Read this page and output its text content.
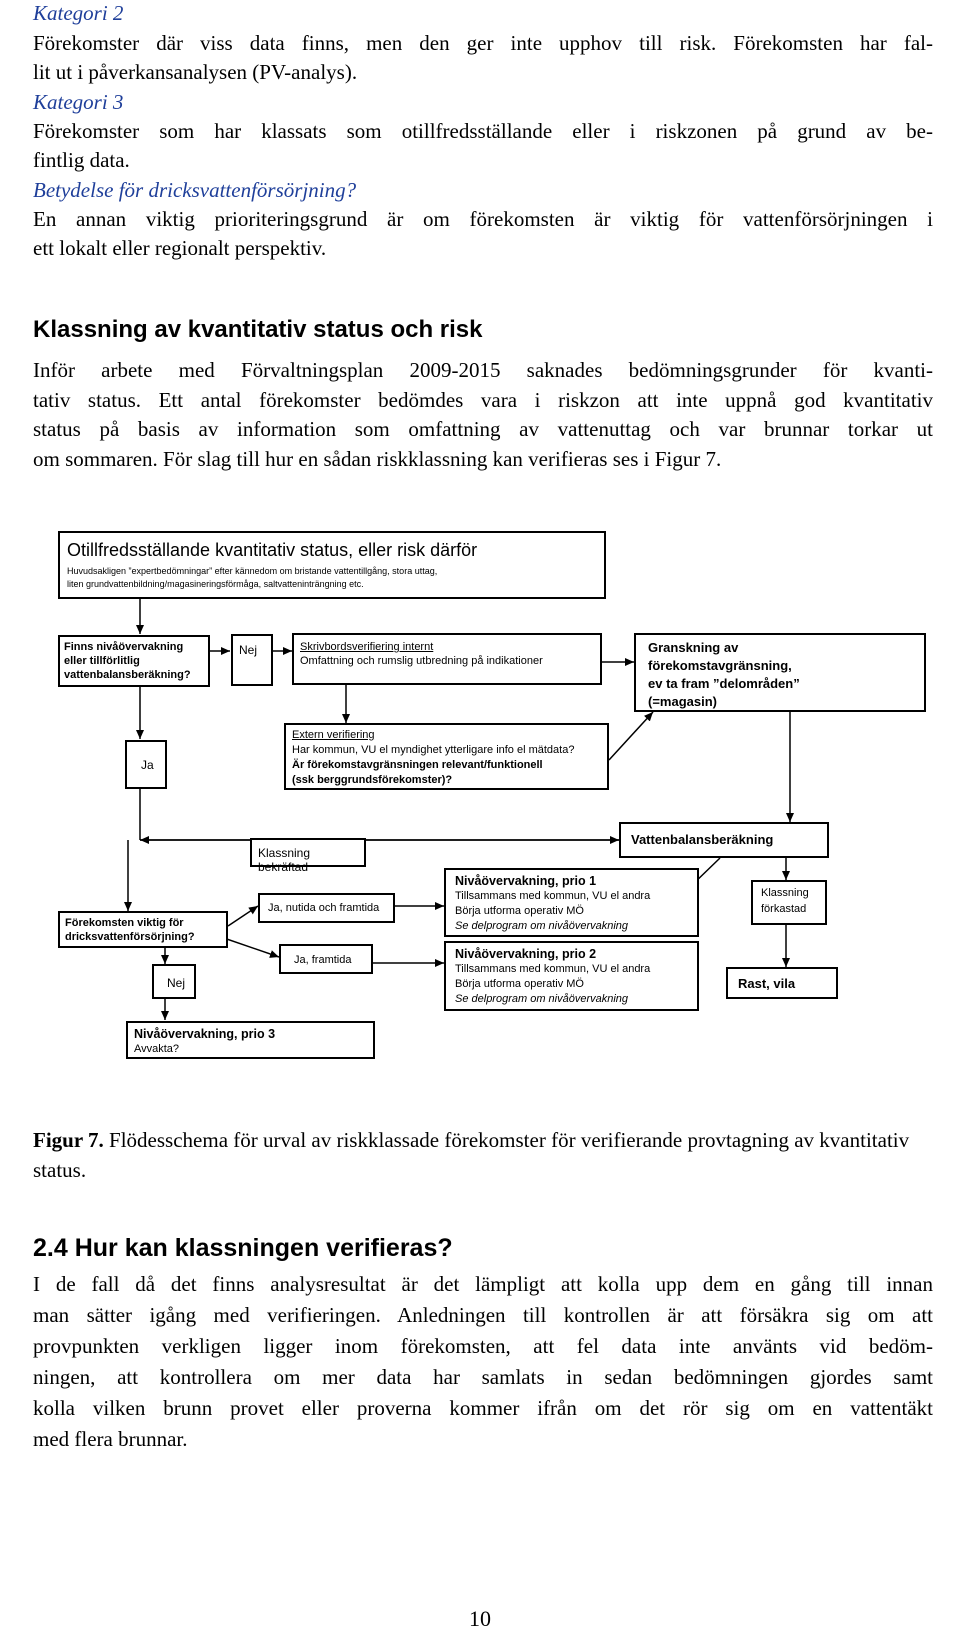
Kategori 2
Förekomster där viss data finns, men den ger inte upphov till risk. Förekomsten har fal-
lit ut i påverkansanalysen (PV-analys).
Kategori 3
Förekomster som har klassats som otillfredsställande eller i riskzonen på grund av be-
fintlig data.
Betydelse för dricksvattenförsörjning?
En annan viktig prioriteringsgrund är om förekomsten är viktig för vattenförsörjningen i
ett lokalt eller regionalt perspektiv.
Klassning av kvantitativ status och risk
Inför arbete med Förvaltningsplan 2009-2015 saknades bedömningsgrunder för kvanti-
tativ status. Ett antal förekomster bedömdes vara i riskzon att inte uppnå god kvantitativ
status på basis av information som omfattning av vattenuttag och var brunnar torkar ut
om sommaren. För slag till hur en sådan riskklassning kan verifieras ses i Figur 7.
Otillfredsställande kvantitativ status, eller risk därför
Huvudsakligen ”expertbedömningar” efter kännedom om bristande vattentillgång, stora uttag,
liten grundvattenbildning/magasineringsförmåga, saltvatteninträngning etc.
Finns nivåövervakning
eller tillförlitlig
vattenbalansberäkning?
Nej	Skrivbordsverifiering internt
Omfattning och rumslig utbredning på indikationer
Granskning av
förekomstavgränsning,
ev ta fram ”delområden”
(=magasin)
Ja
Extern verifiering
Har kommun, VU el myndighet ytterligare info el mätdata?
Är förekomstavgränsningen relevant/funktionell
(ssk berggrundsförekomster)?
Klassning bekräftad
Vattenbalansberäkning
Förekomsten viktig för
dricksvattenförsörjning?
Ja, nutida och framtida
Ja, framtida
Nej
Nivåövervakning, prio 1
Tillsammans med kommun, VU el andra
Börja utforma operativ MÖ
Se delprogram om nivåövervakning
Nivåövervakning, prio 2
Tillsammans med kommun, VU el andra
Börja utforma operativ MÖ
Se delprogram om nivåövervakning
Klassning
förkastad
Rast, vila
Nivåövervakning, prio 3
Avvakta?
Figur 7. Flödesschema för urval av riskklassade förekomster för verifierande provtagning av kvantitativ status.
2.4 Hur kan klassningen verifieras?
I de fall då det finns analysresultat är det lämpligt att kolla upp dem en gång till innan
man sätter igång med verifieringen. Anledningen till kontrollen är att försäkra sig om att
provpunkten verkligen ligger inom förekomsten, att fel data inte använts vid bedöm-
ningen, att kontrollera om mer data har samlats in sedan bedömningen gjordes samt
kolla vilken brunn provet eller proverna kommer ifrån om det rör sig om en vattentäkt
med flera brunnar.
10
